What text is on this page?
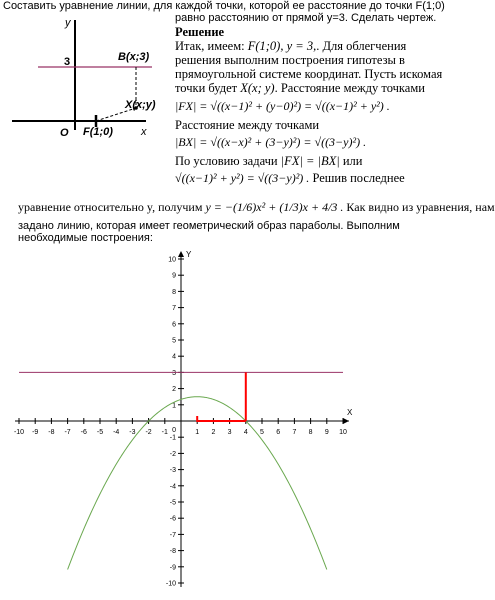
Составить уравнение линии, для каждой точки, которой ее расстояние до точки F(1;0)
равно расстоянию от прямой y=3. Сделать чертеж.
y
3	B(x;3)
X(x;y)
O F(1;0)	x
Решение
Итак, имеем: F(1;0), y = 3,. Для облегчения
решения выполним построения гипотезы в
прямоугольной системе координат. Пусть искомая
точки будет X(x; y). Расстояние между точками
|FX| = √((x−1)² + (y−0)²) = √((x−1)² + y²) .
Расстояние между точками
|BX| = √((x−x)² + (3−y)²) = √((3−y)²) .
По условию задачи |FX| = |BX| или
√((x−1)² + y²) = √((3−y)²) . Решив последнее
уравнение относительно y, получим y = −(1/6)x² + (1/3)x + 4/3 . Как видно из уравнения, нам
задано линию, которая имеет геометрический образ параболы. Выполним
необходимые построения:
-10 -9 -8 -7 -6 -5 -4 -3 -2 -1	1 2 3 4 5 6 7 8 9 10
-10
-9
-8
-7
-6
-5
-4
-3
-2
-1
1
2
3
4
5
6
7
8
9
10
0
X
Y
